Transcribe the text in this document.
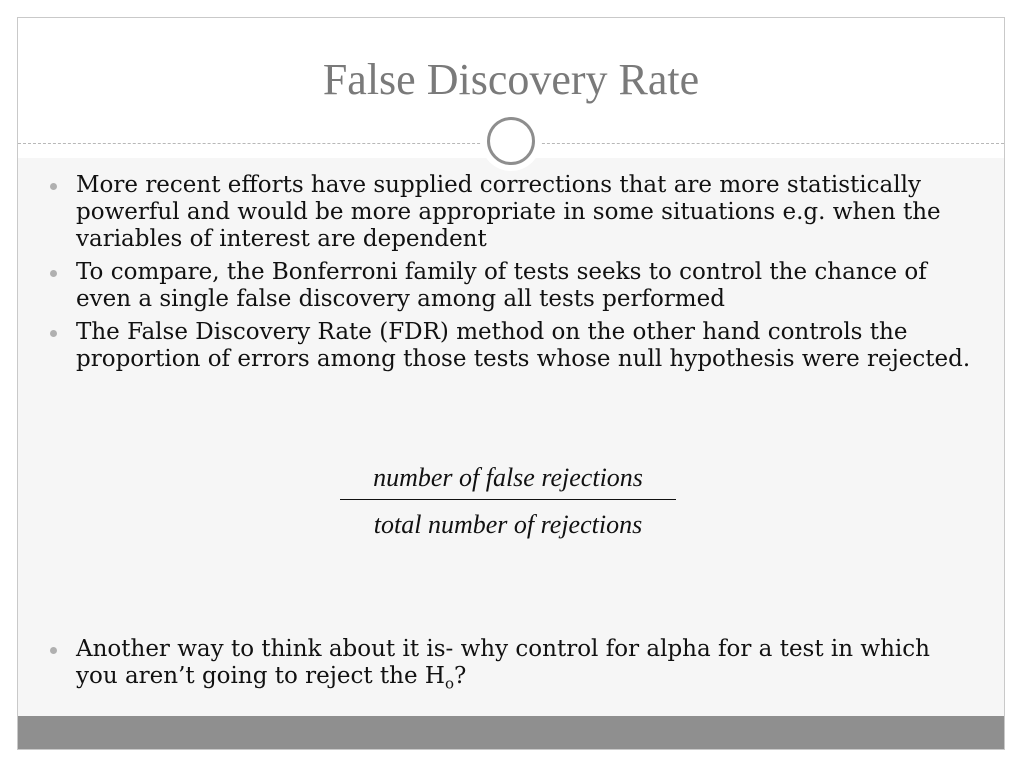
False Discovery Rate
More recent efforts have supplied corrections that are more statistically powerful and would be more appropriate in some situations e.g. when the variables of interest are dependent
To compare, the Bonferroni family of tests seeks to control the chance of even a single false discovery among all tests performed
The False Discovery Rate (FDR) method on the other hand controls the proportion of errors among those tests whose null hypothesis were rejected.
number of false rejections
total number of rejections
Another way to think about it is- why control for alpha for a test in which you aren’t going to reject the $H_o$?
